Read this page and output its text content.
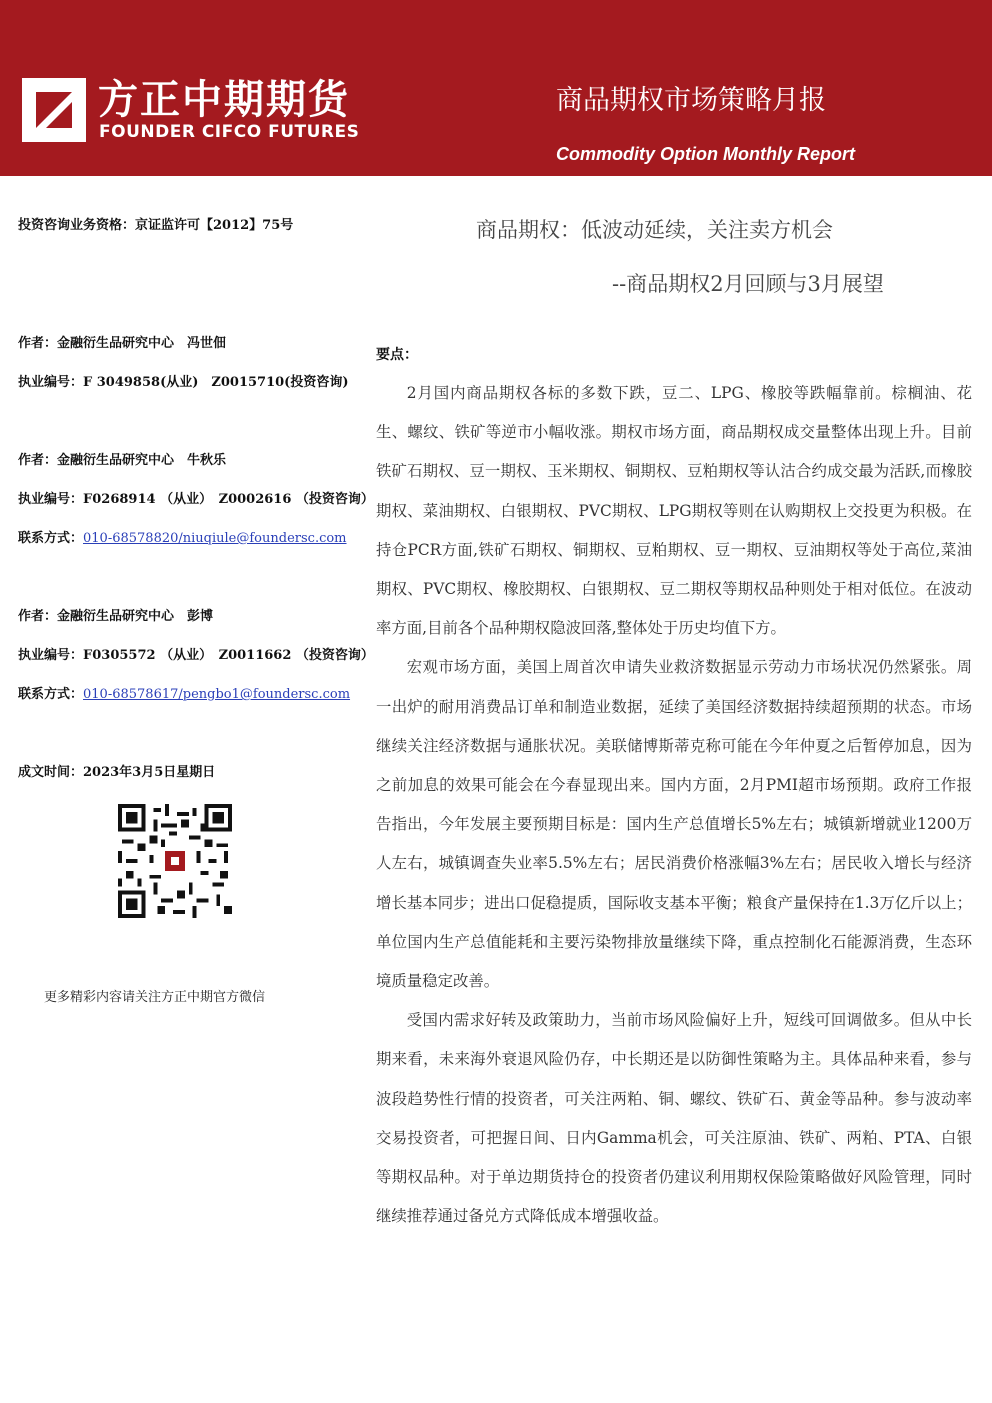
方正中期期货
FOUNDER CIFCO FUTURES
商品期权市场策略月报
Commodity Option Monthly Report
投资咨询业务资格：京证监许可【2012】75号
作者：金融衍生品研究中心　冯世佃
执业编号：F 3049858(从业)　Z0015710(投资咨询)
作者：金融衍生品研究中心　牛秋乐
执业编号：F0268914 （从业）　Z0002616 （投资咨询）
联系方式：010-68578820/niuqiule@foundersc.com
作者：金融衍生品研究中心　彭博
执业编号：F0305572 （从业）　Z0011662 （投资咨询）
联系方式：010-68578617/pengbo1@foundersc.com
成文时间：2023年3月5日星期日
更多精彩内容请关注方正中期官方微信
商品期权：低波动延续，关注卖方机会
--商品期权2月回顾与3月展望
要点：

2月国内商品期权各标的多数下跌，豆二、LPG、橡胶等跌幅靠前。棕榈油、花生、螺纹、铁矿等逆市小幅收涨。期权市场方面，商品期权成交量整体出现上升。目前铁矿石期权、豆一期权、玉米期权、铜期权、豆粕期权等认沽合约成交最为活跃,而橡胶期权、菜油期权、白银期权、PVC期权、LPG期权等则在认购期权上交投更为积极。在持仓PCR方面,铁矿石期权、铜期权、豆粕期权、豆一期权、豆油期权等处于高位,菜油期权、PVC期权、橡胶期权、白银期权、豆二期权等期权品种则处于相对低位。在波动率方面,目前各个品种期权隐波回落,整体处于历史均值下方。

宏观市场方面，美国上周首次申请失业救济数据显示劳动力市场状况仍然紧张。周一出炉的耐用消费品订单和制造业数据，延续了美国经济数据持续超预期的状态。市场继续关注经济数据与通胀状况。美联储博斯蒂克称可能在今年仲夏之后暂停加息，因为之前加息的效果可能会在今春显现出来。国内方面，2月PMI超市场预期。政府工作报告指出，今年发展主要预期目标是：国内生产总值增长5%左右；城镇新增就业1200万人左右，城镇调查失业率5.5%左右；居民消费价格涨幅3%左右；居民收入增长与经济增长基本同步；进出口促稳提质，国际收支基本平衡；粮食产量保持在1.3万亿斤以上；单位国内生产总值能耗和主要污染物排放量继续下降，重点控制化石能源消费，生态环境质量稳定改善。

受国内需求好转及政策助力，当前市场风险偏好上升，短线可回调做多。但从中长期来看，未来海外衰退风险仍存，中长期还是以防御性策略为主。具体品种来看，参与波段趋势性行情的投资者，可关注两粕、铜、螺纹、铁矿石、黄金等品种。参与波动率交易投资者，可把握日间、日内Gamma机会，可关注原油、铁矿、两粕、PTA、白银等期权品种。对于单边期货持仓的投资者仍建议利用期权保险策略做好风险管理，同时继续推荐通过备兑方式降低成本增强收益。
